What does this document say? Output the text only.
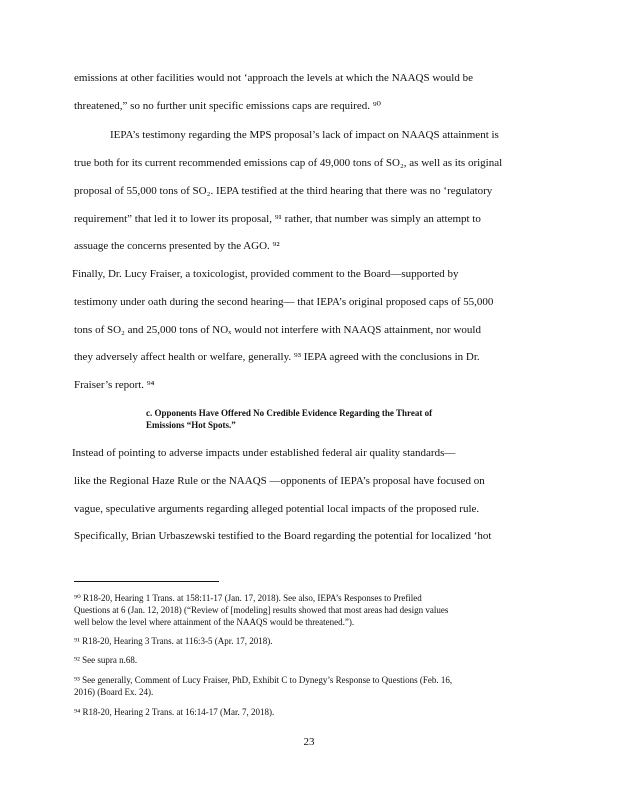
emissions at other facilities would not ‘approach the levels at which the NAAQS would be
threatened,” so no further unit specific emissions caps are required. ⁹⁰
IEPA’s testimony regarding the MPS proposal’s lack of impact on NAAQS attainment is
true both for its current recommended emissions cap of 49,000 tons of SO₂, as well as its original
proposal of 55,000 tons of SO₂. IEPA testified at the third hearing that there was no ‘regulatory
requirement” that led it to lower its proposal, ⁹¹ rather, that number was simply an attempt to
assuage the concerns presented by the AGO. ⁹²
Finally, Dr. Lucy Fraiser, a toxicologist, provided comment to the Board—supported by
testimony under oath during the second hearing— that IEPA’s original proposed caps of 55,000
tons of SO₂ and 25,000 tons of NOₓ would not interfere with NAAQS attainment, nor would
they adversely affect health or welfare, generally. ⁹³ IEPA agreed with the conclusions in Dr.
Fraiser’s report. ⁹⁴
c. Opponents Have Offered No Credible Evidence Regarding the Threat of
Emissions “Hot Spots.”
Instead of pointing to adverse impacts under established federal air quality standards—
like the Regional Haze Rule or the NAAQS —opponents of IEPA’s proposal have focused on
vague, speculative arguments regarding alleged potential local impacts of the proposed rule.
Specifically, Brian Urbaszewski testified to the Board regarding the potential for localized ‘hot
⁹⁰ R18-20, Hearing 1 Trans. at 158:11-17 (Jan. 17, 2018). See also, IEPA’s Responses to Prefiled
Questions at 6 (Jan. 12, 2018) (“Review of [modeling] results showed that most areas had design values
well below the level where attainment of the NAAQS would be threatened.”).
⁹¹ R18-20, Hearing 3 Trans. at 116:3-5 (Apr. 17, 2018).
⁹² See supra n.68.
⁹³ See generally, Comment of Lucy Fraiser, PhD, Exhibit C to Dynegy’s Response to Questions (Feb. 16,
2016) (Board Ex. 24).
⁹⁴ R18-20, Hearing 2 Trans. at 16:14-17 (Mar. 7, 2018).
23
